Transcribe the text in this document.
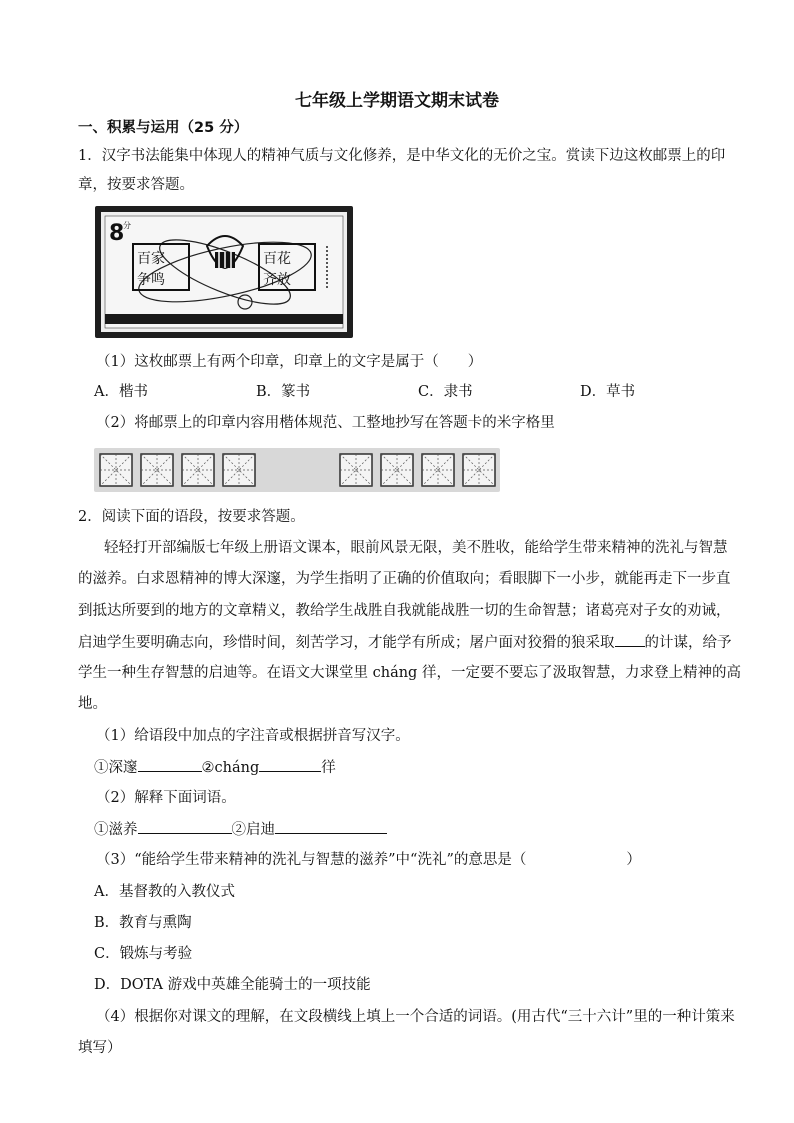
七年级上学期语文期末试卷
一、积累与运用（25 分）
1．汉字书法能集中体现人的精神气质与文化修养，是中华文化的无价之宝。赏读下边这枚邮票上的印
章，按要求答题。
8
分
百家
争鸣
百花
齐放
（1）这枚邮票上有两个印章，印章上的文字是属于（　　）
A．楷书	B．篆书	C．隶书	D．草书
（2）将邮票上的印章内容用楷体规范、工整地抄写在答题卡的米字格里
2．阅读下面的语段，按要求答题。
轻轻打开部编版七年级上册语文课本，眼前风景无限，美不胜收，能给学生带来精神的洗礼与智慧
的滋养。白求恩精神的博大深邃，为学生指明了正确的价值取向；看眼脚下一小步，就能再走下一步直
到抵达所要到的地方的文章精义，教给学生战胜自我就能战胜一切的生命智慧；诸葛亮对子女的劝诫，
启迪学生要明确志向，珍惜时间，刻苦学习，才能学有所成；屠户面对狡猾的狼采取 的计谋，给予
学生一种生存智慧的启迪等。在语文大课堂里 cháng 徉，一定要不要忘了汲取智慧，力求登上精神的高
地。
（1）给语段中加点的字注音或根据拼音写汉字。
①深邃	②cháng	徉
（2）解释下面词语。
①滋养	②启迪
（3）“能给学生带来精神的洗礼与智慧的滋养”中“洗礼”的意思是（	）
A．基督教的入教仪式
B．教育与熏陶
C．锻炼与考验
D．DOTA 游戏中英雄全能骑士的一项技能
（4）根据你对课文的理解，在文段横线上填上一个合适的词语。(用古代“三十六计”里的一种计策来
填写）
